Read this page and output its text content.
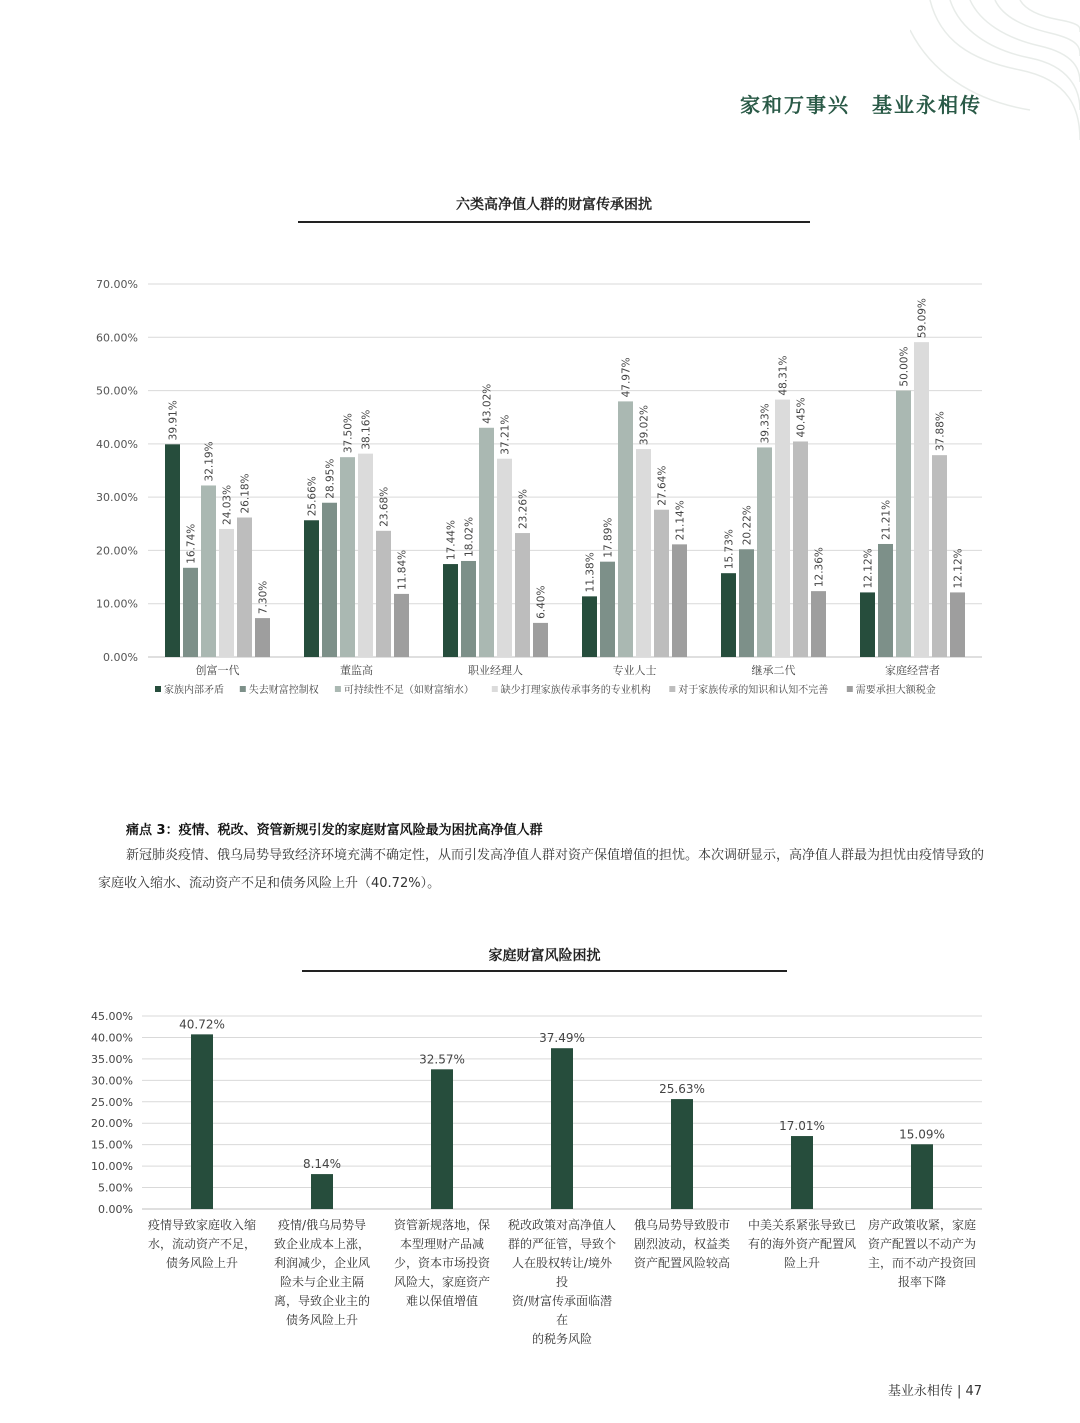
家和万事兴　基业永相传
六类高净值人群的财富传承困扰
0.00%
10.00%
20.00%
30.00%
40.00%
50.00%
60.00%
70.00%
39.91%
16.74%
32.19%
24.03% 26.18%
7.30%
创富一代
25.66% 28.95%
37.50% 38.16%
23.68%
11.84%
董监高
17.44% 18.02%
43.02%
37.21%
23.26%
6.40%
职业经理人
11.38%
17.89%
47.97%
39.02%
27.64%
21.14%
专业人士
15.73%
20.22%
39.33%
48.31%
40.45%
12.36%
继承二代
12.12%
21.21%
50.00%
59.09%
37.88%
12.12%
家庭经营者
家族内部矛盾 失去财富控制权	可持续性不足（如财富缩水）	缺少打理家族传承事务的专业机构	对于家族传承的知识和认知不完善	需要承担大额税金
痛点 3：疫情、税改、资管新规引发的家庭财富风险最为困扰高净值人群
新冠肺炎疫情、俄乌局势导致经济环境充满不确定性，从而引发高净值人群对资产保值增值的担忧。本次调研显示，高净值人群最为担忧由疫情导致的家庭收入缩水、流动资产不足和债务风险上升（40.72%）。
家庭财富风险困扰
0.00%
5.00%
10.00%
15.00%
20.00%
25.00%
30.00%
35.00%
40.00%
45.00%
40.72%
8.14%
32.57%
37.49%
25.63%
17.01%
15.09%
疫情导致家庭收入缩
水，流动资产不足，
债务风险上升
疫情/俄乌局势导
致企业成本上涨，
利润减少，企业风
险未与企业主隔
离，导致企业主的
债务风险上升
资管新规落地，保
本型理财产品减
少，资本市场投资
风险大，家庭资产
难以保值增值
税改政策对高净值人
群的严征管，导致个
人在股权转让/境外投
资/财富传承面临潜在
的税务风险
俄乌局势导致股市
剧烈波动，权益类
资产配置风险较高
中美关系紧张导致已
有的海外资产配置风
险上升
房产政策收紧，家庭
资产配置以不动产为
主，而不动产投资回
报率下降
基业永相传 | 47
